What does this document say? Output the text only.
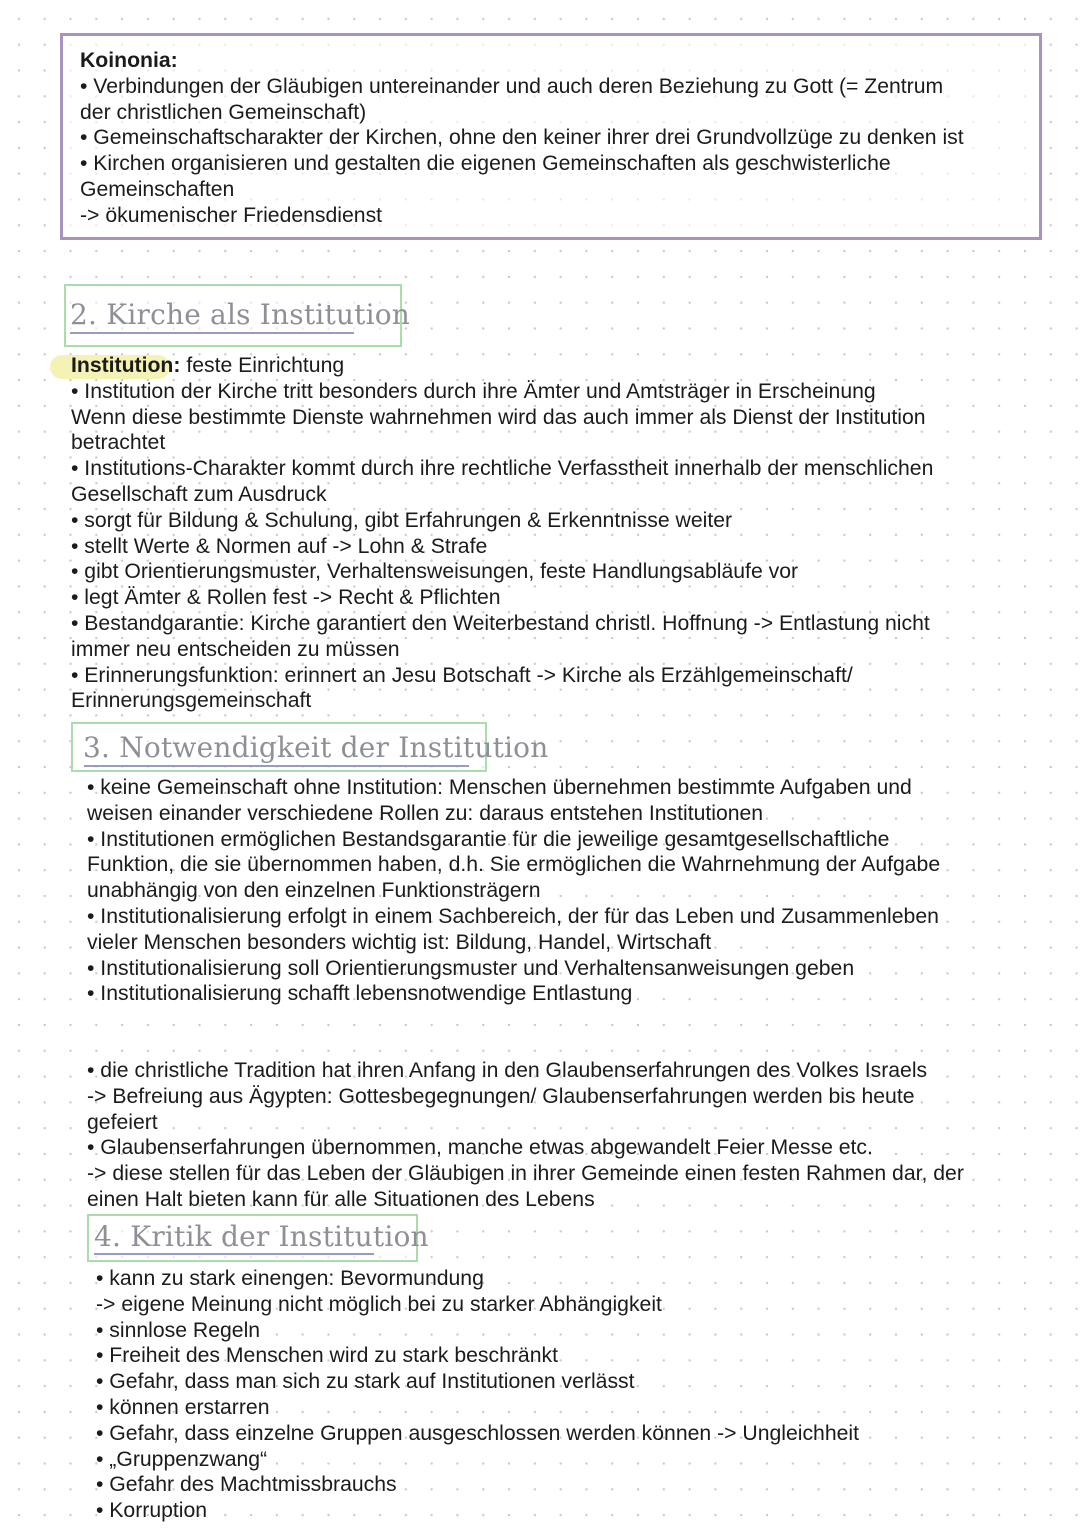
Koinonia:
• Verbindungen der Gläubigen untereinander und auch deren Beziehung zu Gott (= Zentrum
der christlichen Gemeinschaft)
• Gemeinschaftscharakter der Kirchen, ohne den keiner ihrer drei Grundvollzüge zu denken ist
• Kirchen organisieren und gestalten die eigenen Gemeinschaften als geschwisterliche
Gemeinschaften
-> ökumenischer Friedensdienst
2. Kirche als Institution
Institution: feste Einrichtung
• Institution der Kirche tritt besonders durch ihre Ämter und Amtsträger in Erscheinung
Wenn diese bestimmte Dienste wahrnehmen wird das auch immer als Dienst der Institution
betrachtet
• Institutions-Charakter kommt durch ihre rechtliche Verfasstheit innerhalb der menschlichen
Gesellschaft zum Ausdruck
• sorgt für Bildung & Schulung, gibt Erfahrungen & Erkenntnisse weiter
• stellt Werte & Normen auf -> Lohn & Strafe
• gibt Orientierungsmuster, Verhaltensweisungen, feste Handlungsabläufe vor
• legt Ämter & Rollen fest -> Recht & Pflichten
• Bestandgarantie: Kirche garantiert den Weiterbestand christl. Hoffnung -> Entlastung nicht
immer neu entscheiden zu müssen
• Erinnerungsfunktion: erinnert an Jesu Botschaft -> Kirche als Erzählgemeinschaft/
Erinnerungsgemeinschaft
3. Notwendigkeit der Institution
• keine Gemeinschaft ohne Institution: Menschen übernehmen bestimmte Aufgaben und
weisen einander verschiedene Rollen zu: daraus entstehen Institutionen
• Institutionen ermöglichen Bestandsgarantie für die jeweilige gesamtgesellschaftliche
Funktion, die sie übernommen haben, d.h. Sie ermöglichen die Wahrnehmung der Aufgabe
unabhängig von den einzelnen Funktionsträgern
• Institutionalisierung erfolgt in einem Sachbereich, der für das Leben und Zusammenleben
vieler Menschen besonders wichtig ist: Bildung, Handel, Wirtschaft
• Institutionalisierung soll Orientierungsmuster und Verhaltensanweisungen geben
• Institutionalisierung schafft lebensnotwendige Entlastung
• die christliche Tradition hat ihren Anfang in den Glaubenserfahrungen des Volkes Israels
-> Befreiung aus Ägypten: Gottesbegegnungen/ Glaubenserfahrungen werden bis heute
gefeiert
• Glaubenserfahrungen übernommen, manche etwas abgewandelt Feier Messe etc.
-> diese stellen für das Leben der Gläubigen in ihrer Gemeinde einen festen Rahmen dar, der
einen Halt bieten kann für alle Situationen des Lebens
4. Kritik der Institution
• kann zu stark einengen: Bevormundung
-> eigene Meinung nicht möglich bei zu starker Abhängigkeit
• sinnlose Regeln
• Freiheit des Menschen wird zu stark beschränkt
• Gefahr, dass man sich zu stark auf Institutionen verlässt
• können erstarren
• Gefahr, dass einzelne Gruppen ausgeschlossen werden können -> Ungleichheit
• „Gruppenzwang“
• Gefahr des Machtmissbrauchs
• Korruption
